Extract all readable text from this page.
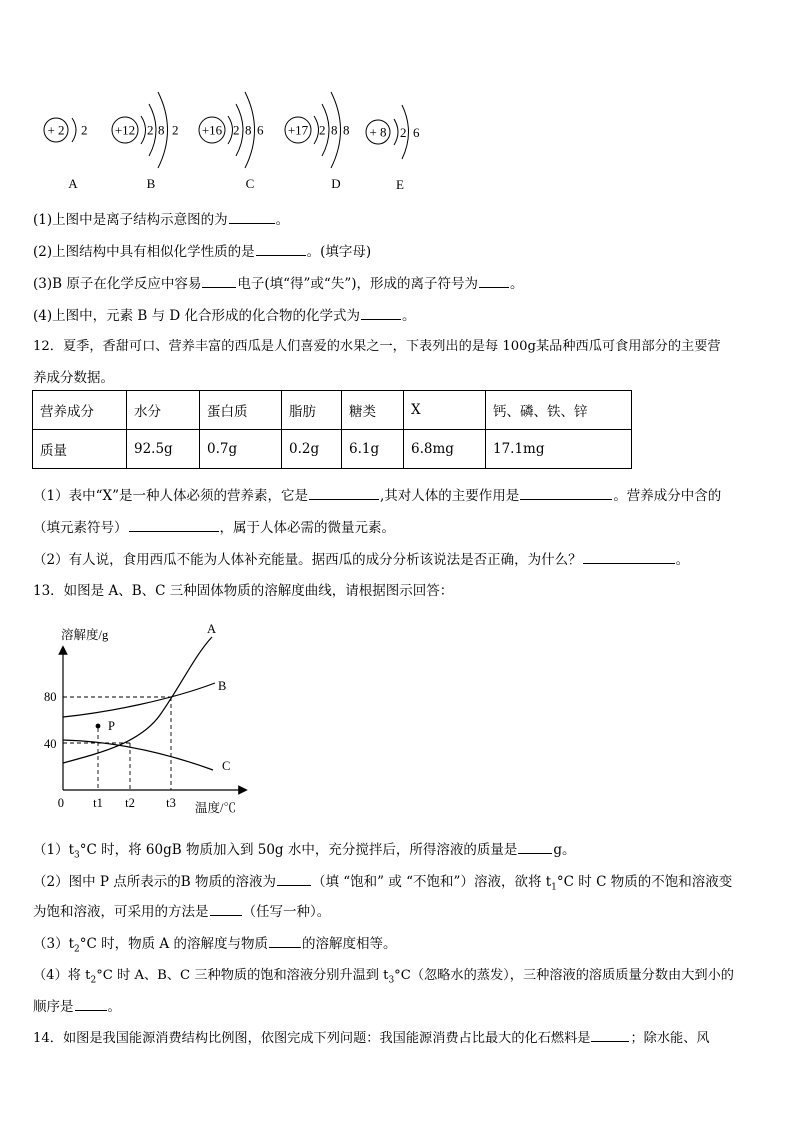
+ 2 2
A
+12 2 8 2
B
+16 2 8 6
C
+17 2 8 8
D
+ 8 2 6
E
(1)上图中是离子结构示意图的为	。
(2)上图结构中具有相似化学性质的是	。(填字母)
(3)B 原子在化学反应中容易	电子(填“得”或“失”)，形成的离子符号为 。
(4)上图中，元素 B 与 D 化合形成的化合物的化学式为	。
12．夏季，香甜可口、营养丰富的西瓜是人们喜爱的水果之一，下表列出的是每 100g某品种西瓜可食用部分的主要营
养成分数据。
营养成分	水分	蛋白质	脂肪	糖类	X	钙、磷、铁、锌
质量	92.5g	0.7g	0.2g	6.1g	6.8mg	17.1mg
（1）表中“X”是一种人体必须的营养素，它是	,其对人体的主要作用是	。营养成分中含的
（填元素符号）	，属于人体必需的微量元素。
（2）有人说，食用西瓜不能为人体补充能量。据西瓜的成分分析该说法是否正确，为什么？	。
13．如图是 A、B、C 三种固体物质的溶解度曲线，请根据图示回答：
溶解度/g
温度/℃
0
80
40
A
B
C
P
t1 t2	t3
$(1)t_3^\circ C$ 时，将 60gB 物质加入到 50g 水中，充分搅拌后，所得溶液的质量是	g。
（2）图中 P 点所表示的B 物质的溶液为	（填 “饱和” 或 “不饱和”）溶液，欲将 $t_1^\circ C$ 时 C 物质的不饱和溶液变
为饱和溶液，可采用的方法是	（任写一种）。
$(3)t_2^\circ C$ 时，物质 A 的溶解度与物质	的溶解度相等。
（4）将 $t_2^\circ C$ 时 A、B、C 三种物质的饱和溶液分别升温到 $t_3^\circ C$（忽略水的蒸发），三种溶液的溶质质量分数由大到小的
顺序是	。
14．如图是我国能源消费结构比例图，依图完成下列问题：我国能源消费占比最大的化石燃料是	；除水能、风
